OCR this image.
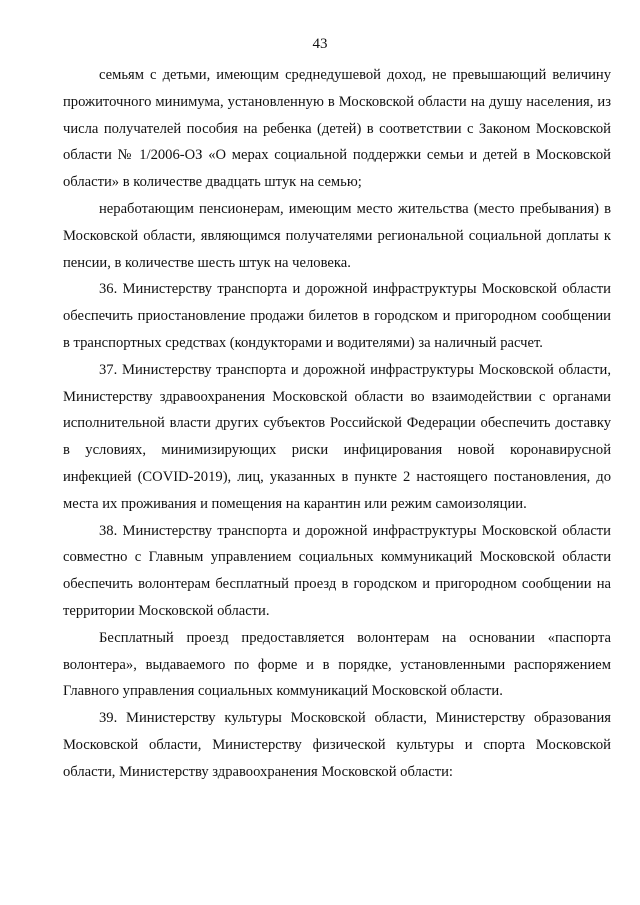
43

семьям с детьми, имеющим среднедушевой доход, не превышающий величину прожиточного минимума, установленную в Московской области на душу населения, из числа получателей пособия на ребенка (детей) в соответствии с Законом Московской области № 1/2006-ОЗ «О мерах социальной поддержки семьи и детей в Московской области» в количестве двадцать штук на семью;

неработающим пенсионерам, имеющим место жительства (место пребывания) в Московской области, являющимся получателями региональной социальной доплаты к пенсии, в количестве шесть штук на человека.

36. Министерству транспорта и дорожной инфраструктуры Московской области обеспечить приостановление продажи билетов в городском и пригородном сообщении в транспортных средствах (кондукторами и водителями) за наличный расчет.

37. Министерству транспорта и дорожной инфраструктуры Московской области, Министерству здравоохранения Московской области во взаимодействии с органами исполнительной власти других субъектов Российской Федерации обеспечить доставку в условиях, минимизирующих риски инфицирования новой коронавирусной инфекцией (COVID-2019), лиц, указанных в пункте 2 настоящего постановления, до места их проживания и помещения на карантин или режим самоизоляции.

38. Министерству транспорта и дорожной инфраструктуры Московской области совместно с Главным управлением социальных коммуникаций Московской области обеспечить волонтерам бесплатный проезд в городском и пригородном сообщении на территории Московской области.

Бесплатный проезд предоставляется волонтерам на основании «паспорта волонтера», выдаваемого по форме и в порядке, установленными распоряжением Главного управления социальных коммуникаций Московской области.

39. Министерству культуры Московской области, Министерству образования Московской области, Министерству физической культуры и спорта Московской области, Министерству здравоохранения Московской области:
